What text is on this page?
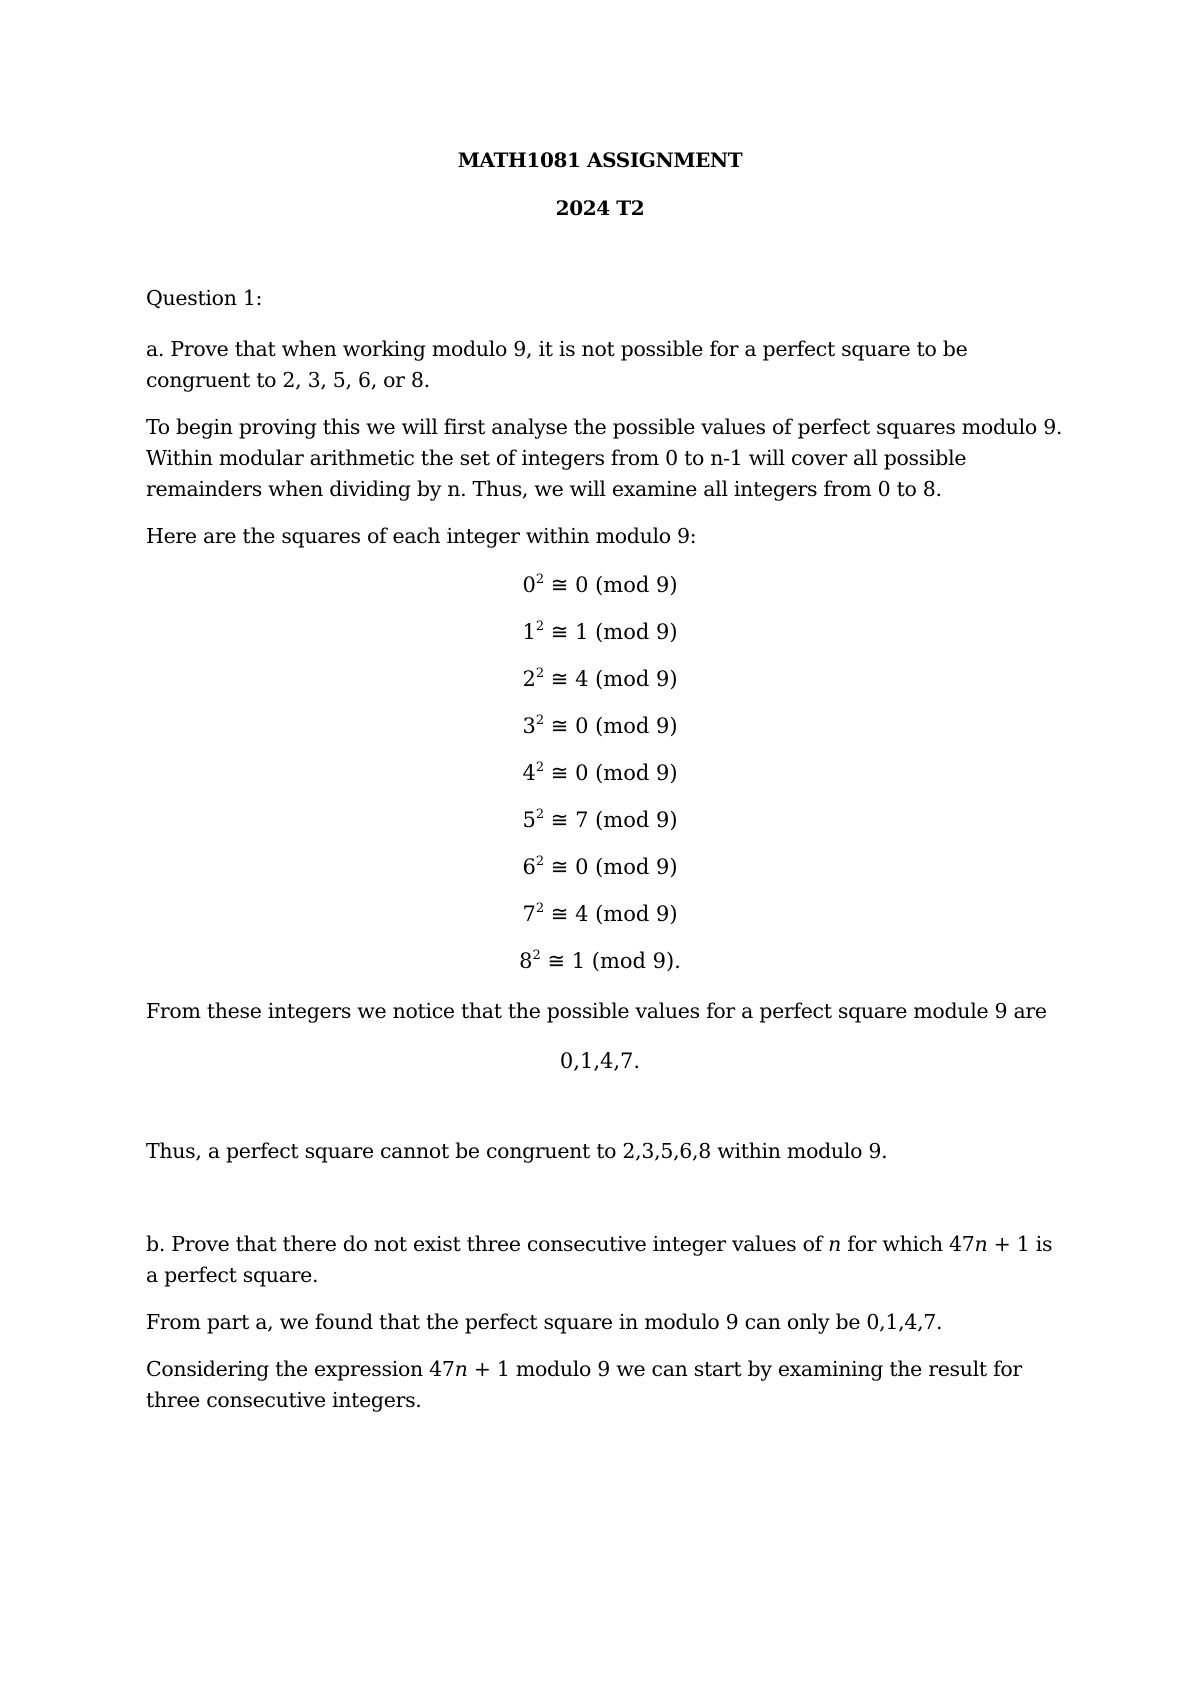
MATH1081 ASSIGNMENT
2024 T2
Question 1:
a. Prove that when working modulo 9, it is not possible for a perfect square to be congruent to 2, 3, 5, 6, or 8.
To begin proving this we will first analyse the possible values of perfect squares modulo 9. Within modular arithmetic the set of integers from 0 to n-1 will cover all possible remainders when dividing by n. Thus, we will examine all integers from 0 to 8.
Here are the squares of each integer within modulo 9:
$0^2$ ≅ 0 (mod 9)
$1^2$ ≅ 1 (mod 9)
$2^2$ ≅ 4 (mod 9)
$3^2$ ≅ 0 (mod 9)
$4^2$ ≅ 0 (mod 9)
$5^2$ ≅ 7 (mod 9)
$6^2$ ≅ 0 (mod 9)
$7^2$ ≅ 4 (mod 9)
$8^2$ ≅ 1 (mod 9).
From these integers we notice that the possible values for a perfect square module 9 are
0,1,4,7.
Thus, a perfect square cannot be congruent to 2,3,5,6,8 within modulo 9.
b. Prove that there do not exist three consecutive integer values of n for which 47n + 1 is a perfect square.
From part a, we found that the perfect square in modulo 9 can only be 0,1,4,7.
Considering the expression 47n + 1 modulo 9 we can start by examining the result for three consecutive integers.
